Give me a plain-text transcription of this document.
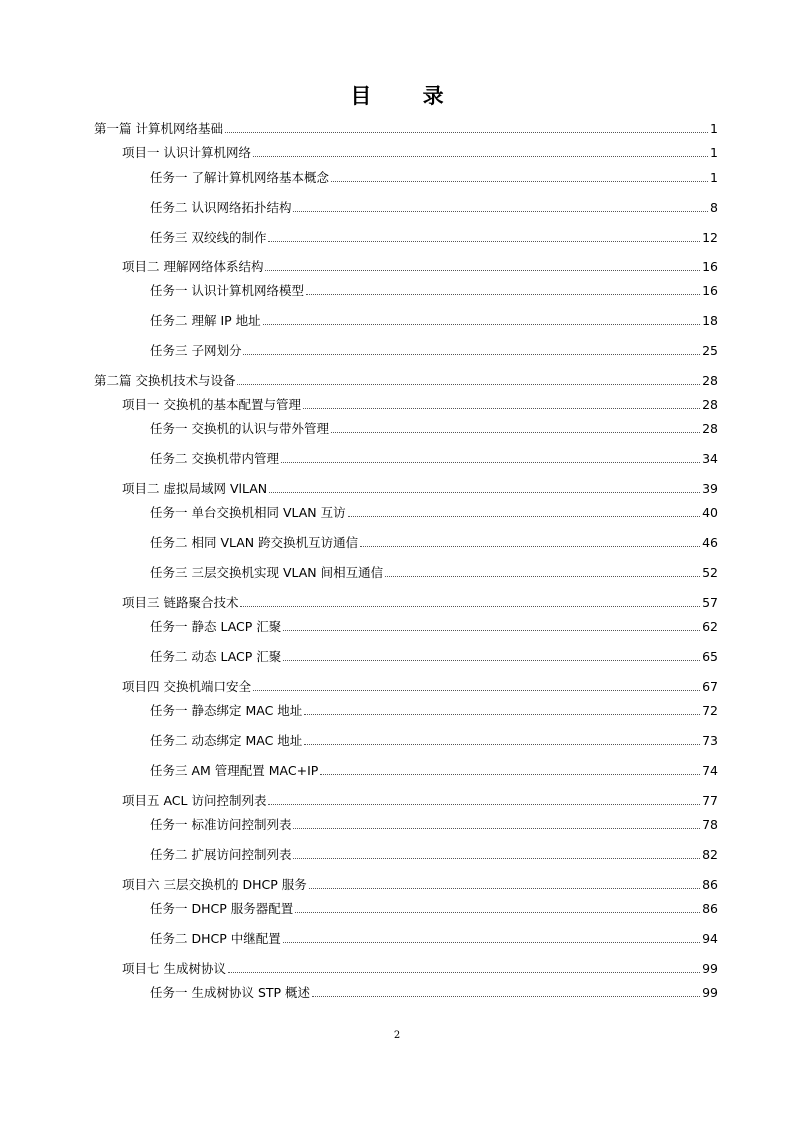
目 录
第一篇 计算机网络基础	1
项目一 认识计算机网络	1
任务一 了解计算机网络基本概念	1
任务二 认识网络拓扑结构	8
任务三 双绞线的制作	12
项目二 理解网络体系结构	16
任务一 认识计算机网络模型	16
任务二 理解 IP 地址	18
任务三 子网划分	25
第二篇 交换机技术与设备	28
项目一 交换机的基本配置与管理	28
任务一 交换机的认识与带外管理	28
任务二 交换机带内管理	34
项目二 虚拟局域网 VlLAN	39
任务一 单台交换机相同 VLAN 互访	40
任务二 相同 VLAN 跨交换机互访通信	46
任务三 三层交换机实现 VLAN 间相互通信	52
项目三 链路聚合技术	57
任务一 静态 LACP 汇聚	62
任务二 动态 LACP 汇聚	65
项目四 交换机端口安全	67
任务一 静态绑定 MAC 地址	72
任务二 动态绑定 MAC 地址	73
任务三 AM 管理配置 MAC+IP	74
项目五 ACL 访问控制列表	77
任务一 标准访问控制列表	78
任务二 扩展访问控制列表	82
项目六 三层交换机的 DHCP 服务	86
任务一 DHCP 服务器配置	86
任务二 DHCP 中继配置	94
项目七 生成树协议	99
任务一 生成树协议 STP 概述	99
2
